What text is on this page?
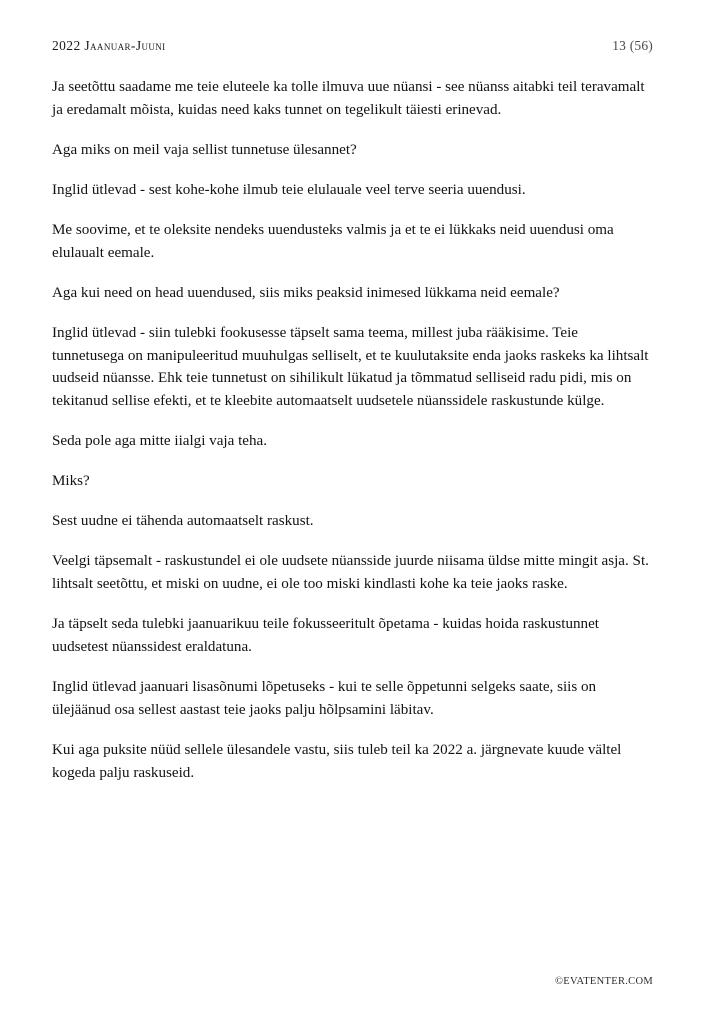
2022 Jaanuar-Juuni	13 (56)

Ja seetõttu saadame me teie eluteele ka tolle ilmuva uue nüansi - see nüanss aitabki teil teravamalt ja eredamalt mõista, kuidas need kaks tunnet on tegelikult täiesti erinevad.

Aga miks on meil vaja sellist tunnetuse ülesannet?

Inglid ütlevad - sest kohe-kohe ilmub teie elulauale veel terve seeria uuendusi.

Me soovime, et te oleksite nendeks uuendusteks valmis ja et te ei lükkaks neid uuendusi oma elulaualt eemale.

Aga kui need on head uuendused, siis miks peaksid inimesed lükkama neid eemale?

Inglid ütlevad - siin tulebki fookusesse täpselt sama teema, millest juba rääkisime. Teie tunnetusega on manipuleeritud muuhulgas selliselt, et te kuulutaksite enda jaoks raskeks ka lihtsalt uudseid nüansse. Ehk teie tunnetust on sihilikult lükatud ja tõmmatud selliseid radu pidi, mis on tekitanud sellise efekti, et te kleebite automaatselt uudsetele nüanssidele raskustunde külge.

Seda pole aga mitte iialgi vaja teha.

Miks?

Sest uudne ei tähenda automaatselt raskust.

Veelgi täpsemalt - raskustundel ei ole uudsete nüansside juurde niisama üldse mitte mingit asja. St. lihtsalt seetõttu, et miski on uudne, ei ole too miski kindlasti kohe ka teie jaoks raske.

Ja täpselt seda tulebki jaanuarikuu teile fokusseeritult õpetama - kuidas hoida raskustunnet uudsetest nüanssidest eraldatuna.

Inglid ütlevad jaanuari lisasõnumi lõpetuseks - kui te selle õppetunni selgeks saate, siis on ülejäänud osa sellest aastast teie jaoks palju hõlpsamini läbitav.

Kui aga puksite nüüd sellele ülesandele vastu, siis tuleb teil ka 2022 a. järgnevate kuude vältel kogeda palju raskuseid.

©EVATENTER.COM
